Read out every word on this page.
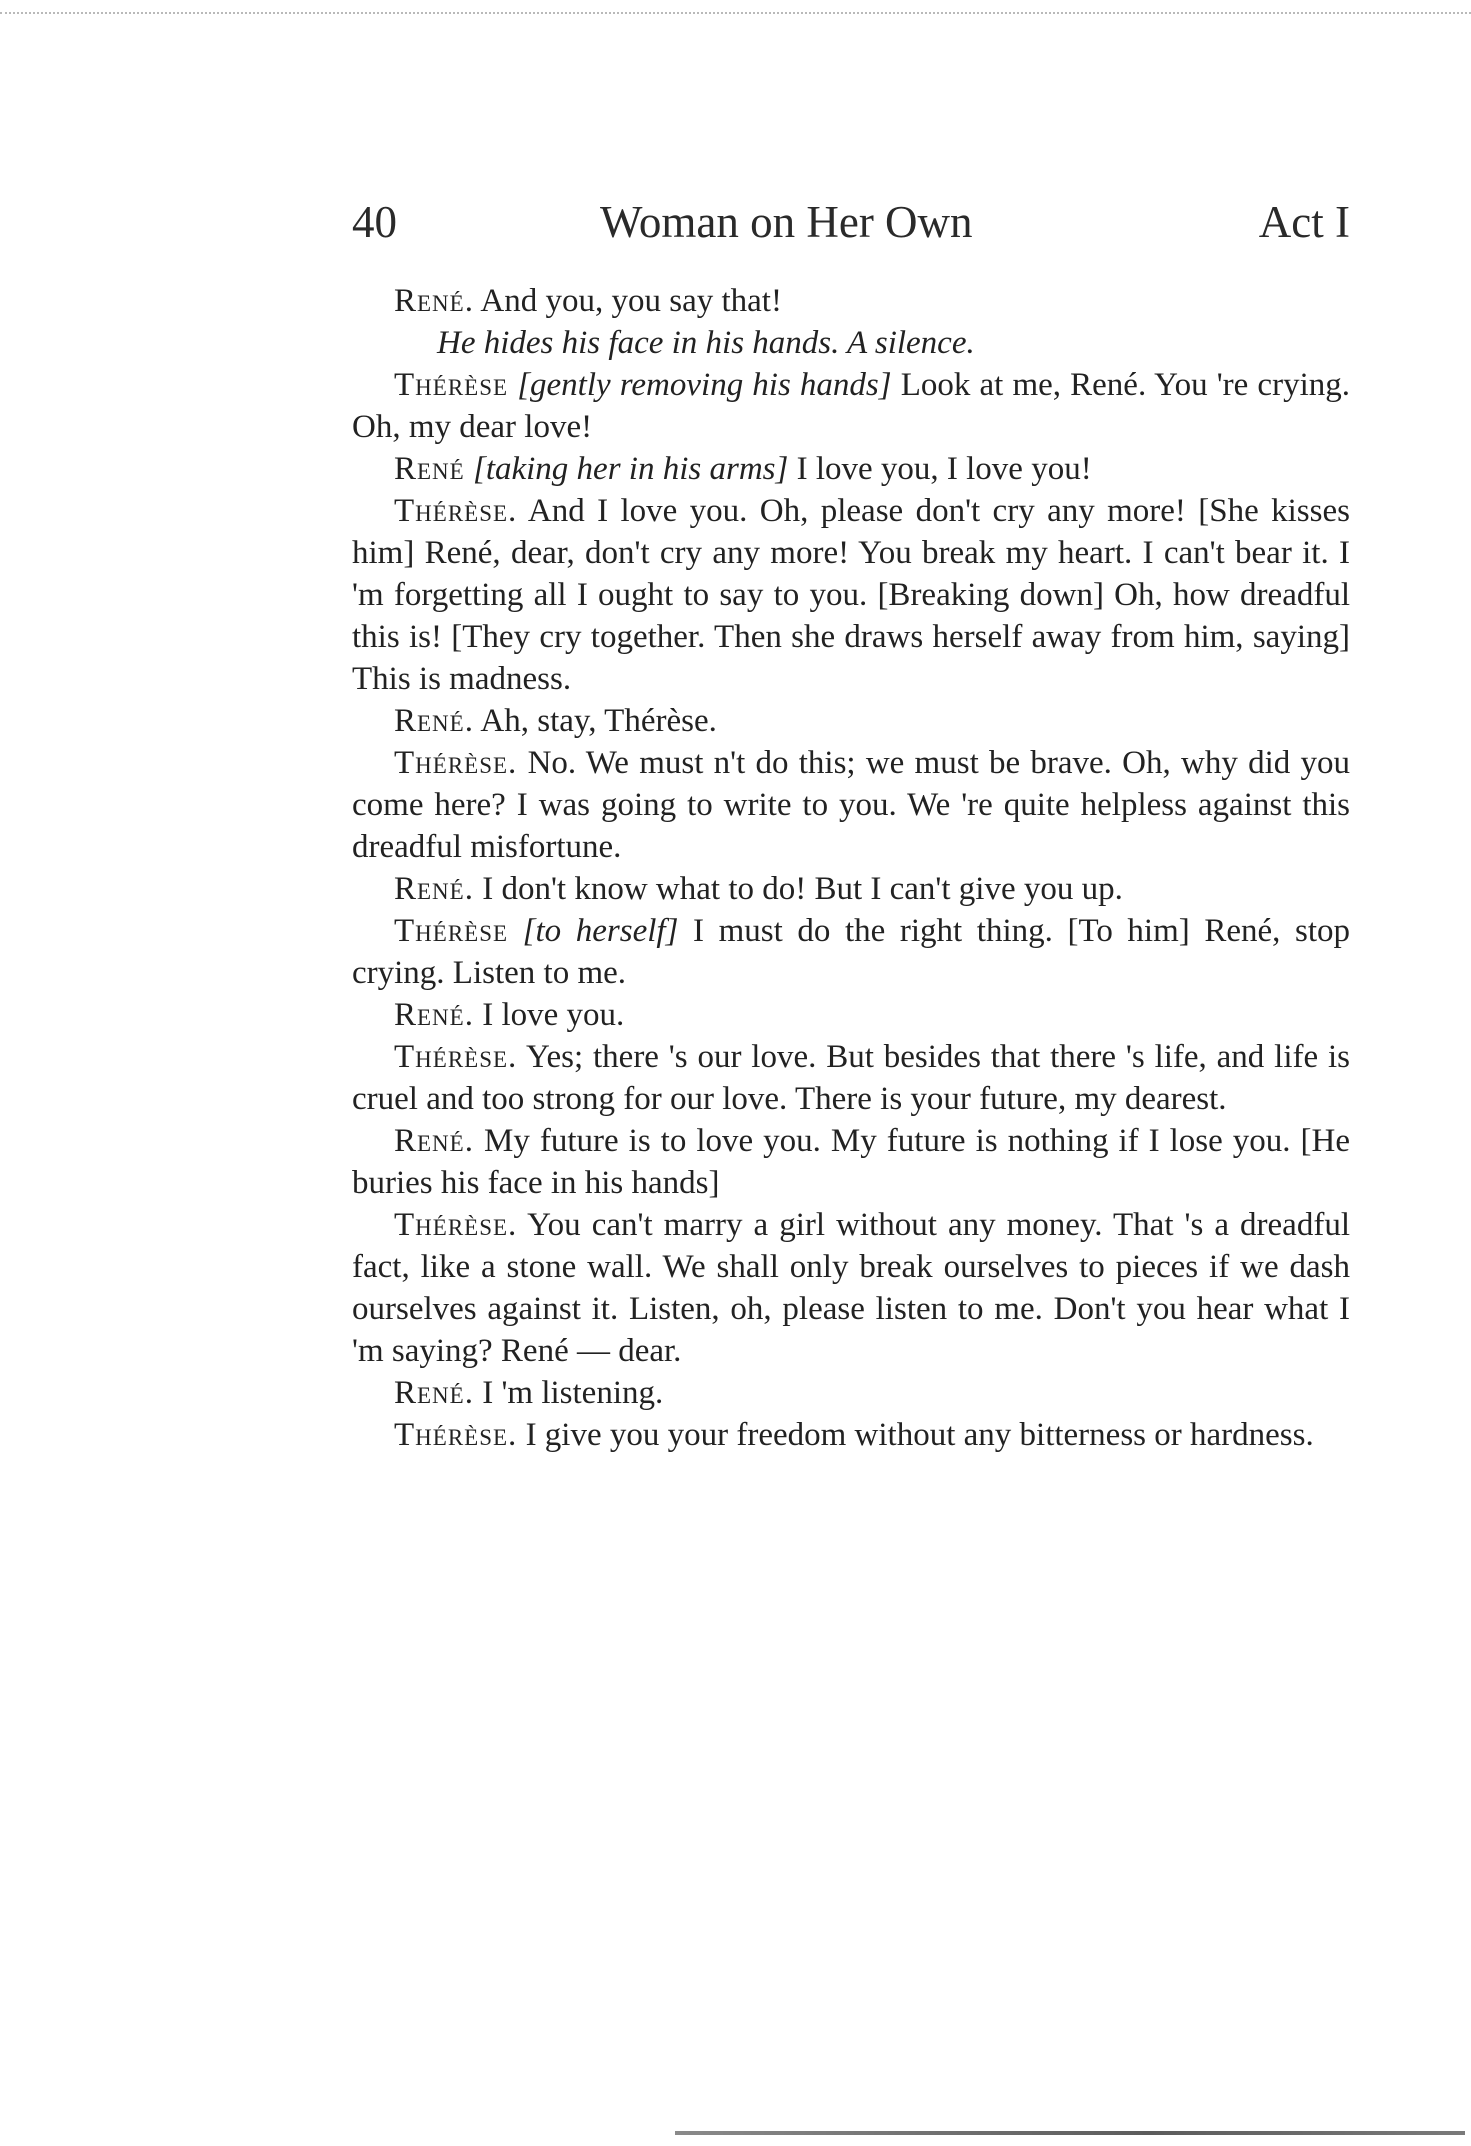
40	Woman on Her Own	Act I

René. And you, you say that!

He hides his face in his hands. A silence.

Thérèse [gently removing his hands] Look at me, René. You 're crying. Oh, my dear love!

René [taking her in his arms] I love you, I love you!

Thérèse. And I love you. Oh, please don't cry any more! [She kisses him] René, dear, don't cry any more! You break my heart. I can't bear it. I 'm forgetting all I ought to say to you. [Breaking down] Oh, how dreadful this is! [They cry together. Then she draws herself away from him, saying] This is madness.

René. Ah, stay, Thérèse.

Thérèse. No. We must n't do this; we must be brave. Oh, why did you come here? I was going to write to you. We 're quite helpless against this dreadful misfortune.

René. I don't know what to do! But I can't give you up.

Thérèse [to herself] I must do the right thing. [To him] René, stop crying. Listen to me.

René. I love you.

Thérèse. Yes; there 's our love. But besides that there 's life, and life is cruel and too strong for our love. There is your future, my dearest.

René. My future is to love you. My future is nothing if I lose you. [He buries his face in his hands]

Thérèse. You can't marry a girl without any money. That 's a dreadful fact, like a stone wall. We shall only break ourselves to pieces if we dash ourselves against it. Listen, oh, please listen to me. Don't you hear what I 'm saying? René — dear.

René. I 'm listening.

Thérèse. I give you your freedom without any bitterness or hardness.
